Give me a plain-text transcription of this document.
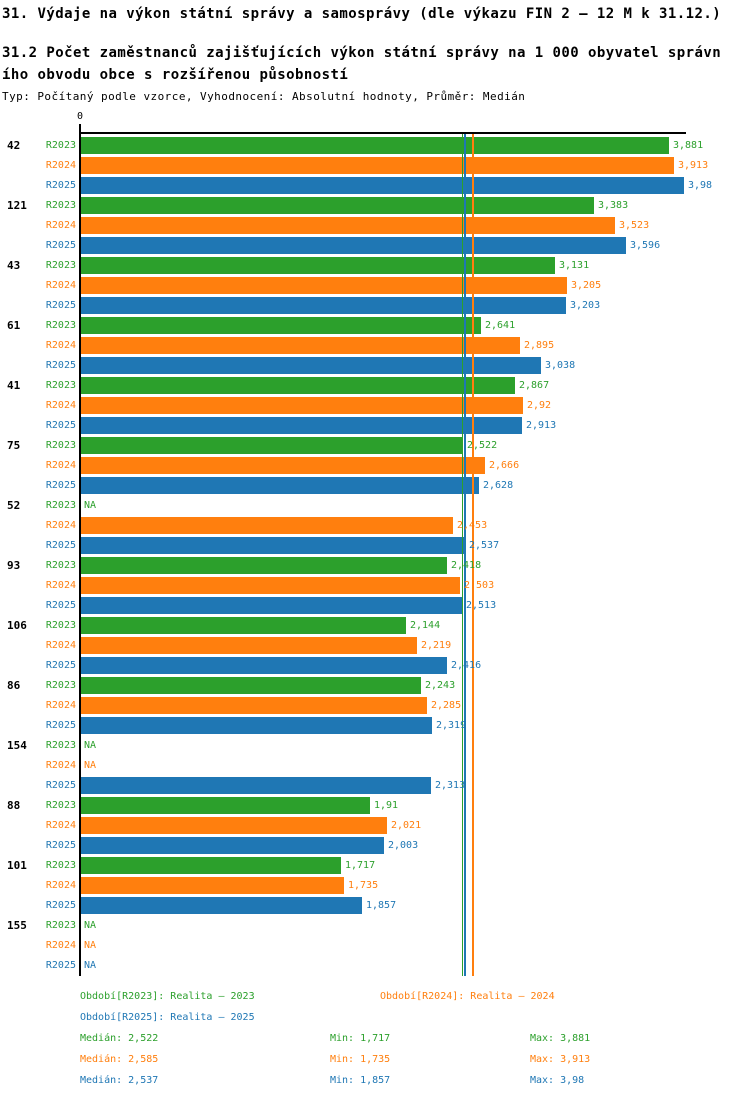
31. Výdaje na výkon státní správy a samosprávy (dle výkazu FIN 2 — 12 M k 31.12.)
31.2 Počet zaměstnanců zajišťujících výkon státní správy na 1 000 obyvatel správního obvodu obce s rozšířenou působností
Typ: Počítaný podle vzorce, Vyhodnocení: Absolutní hodnoty, Průměr: Medián
0
42	R2023	3,881
R2024	3,913
R2025	3,98
121	R2023	3,383
R2024	3,523
R2025	3,596
43	R2023	3,131
R2024	3,205
R2025	3,203
61	R2023	2,641
R2024	2,895
R2025	3,038
41	R2023	2,867
R2024	2,92
R2025	2,913
75	R2023	2,522
R2024	2,666
R2025	2,628
52	R2023 NA
R2024	2,453
R2025	2,537
93	R2023	2,418
R2024	2,503
R2025	2,513
106	R2023	2,144
R2024	2,219
R2025	2,416
86	R2023	2,243
R2024	2,285
R2025	2,319
154	R2023 NA
R2024 NA
R2025	2,313
88	R2023	1,91
R2024	2,021
R2025	2,003
101	R2023	1,717
R2024	1,735
R2025	1,857
155	R2023 NA
R2024 NA
R2025 NA
Období[R2023]: Realita – 2023	Období[R2024]: Realita – 2024
Období[R2025]: Realita – 2025
Medián: 2,522	Min: 1,717	Max: 3,881
Medián: 2,585	Min: 1,735	Max: 3,913
Medián: 2,537	Min: 1,857	Max: 3,98
